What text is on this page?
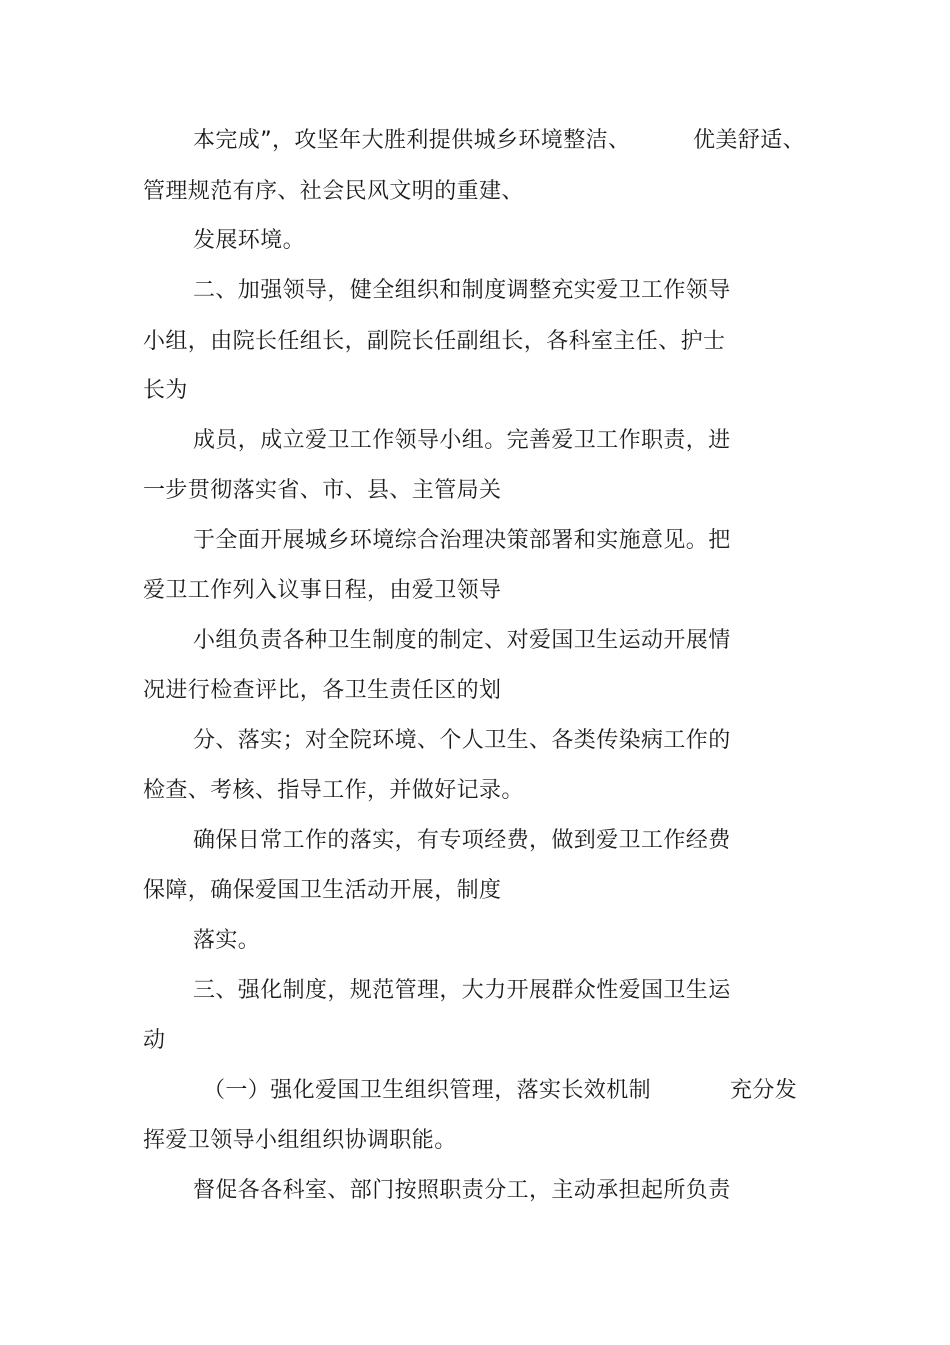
本完成”，攻坚年大胜利提供城乡环境整洁、	优美舒适、

管理规范有序、社会民风文明的重建、

发展环境。

二、加强领导，健全组织和制度调整充实爱卫工作领导

小组，由院长任组长，副院长任副组长，各科室主任、护士

长为

成员，成立爱卫工作领导小组。完善爱卫工作职责，进

一步贯彻落实省、市、县、主管局关

于全面开展城乡环境综合治理决策部署和实施意见。把

爱卫工作列入议事日程，由爱卫领导

小组负责各种卫生制度的制定、对爱国卫生运动开展情

况进行检查评比，各卫生责任区的划

分、落实；对全院环境、个人卫生、各类传染病工作的

检查、考核、指导工作，并做好记录。

确保日常工作的落实，有专项经费，做到爱卫工作经费

保障，确保爱国卫生活动开展，制度

落实。

三、强化制度，规范管理，大力开展群众性爱国卫生运

动

（一）强化爱国卫生组织管理，落实长效机制	充分发

挥爱卫领导小组组织协调职能。

督促各各科室、部门按照职责分工，主动承担起所负责
